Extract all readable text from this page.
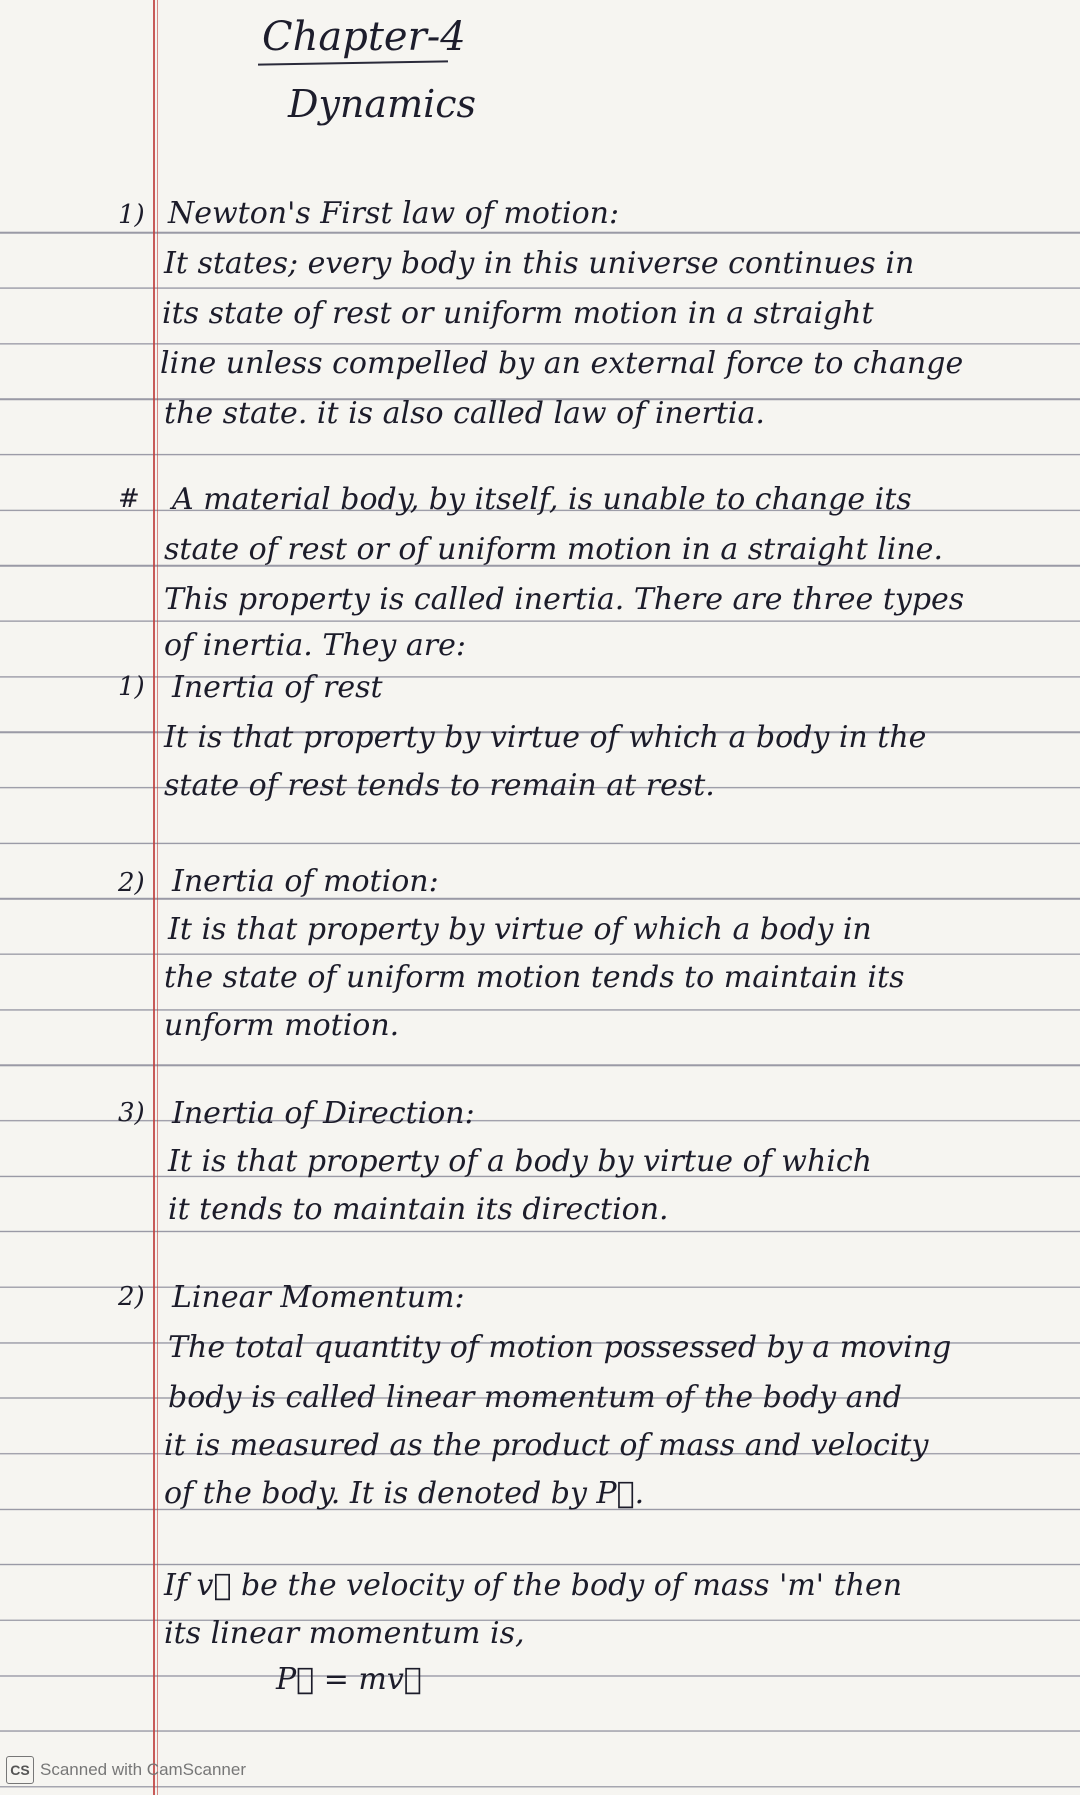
Chapter-4
Dynamics
1)
#
1)
2)
3)
2)
Newton's First law of motion:
It states; every body in this universe continues in
its state of rest or uniform motion in a straight
line unless compelled by an external force to change
the state. it is also called law of inertia.
A material body, by itself, is unable to change its
state of rest or of uniform motion in a straight line.
This property is called inertia. There are three types
of inertia. They are:
Inertia of rest
It is that property by virtue of which a body in the
state of rest tends to remain at rest.
Inertia of motion:
It is that property by virtue of which a body in
the state of uniform motion tends to maintain its
unform motion.
Inertia of Direction:
It is that property of a body by virtue of which
it tends to maintain its direction.
Linear Momentum:
The total quantity of motion possessed by a moving
body is called linear momentum of the body and
it is measured as the product of mass and velocity
of the body. It is denoted by P⃗.
If v⃗ be the velocity of the body of mass 'm' then
its linear momentum is,
P⃗ = mv⃗
CS Scanned with CamScanner
